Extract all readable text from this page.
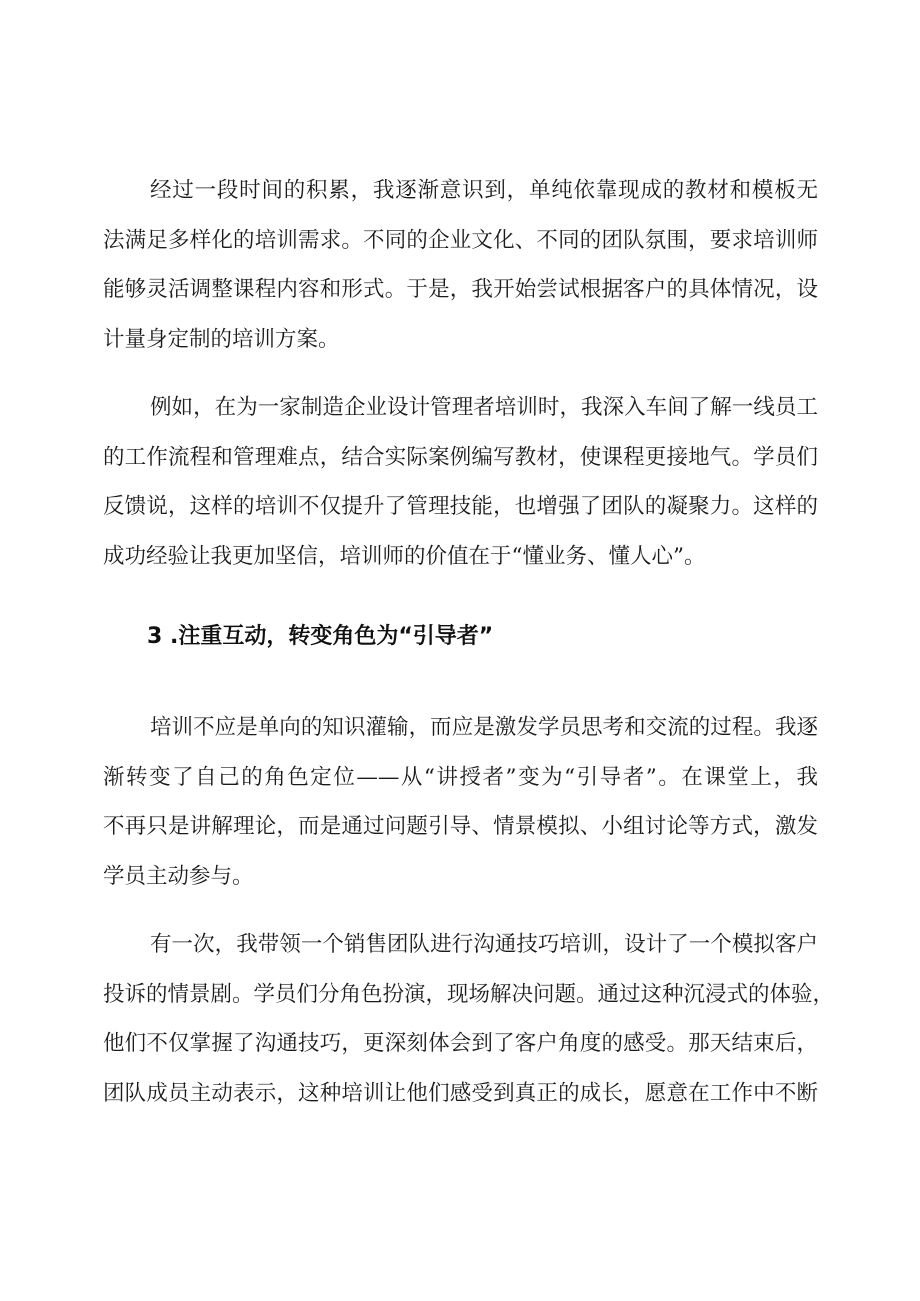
经过一段时间的积累，我逐渐意识到，单纯依靠现成的教材和模板无

法满足多样化的培训需求。不同的企业文化、不同的团队氛围，要求培训师

能够灵活调整课程内容和形式。于是，我开始尝试根据客户的具体情况，设

计量身定制的培训方案。

例如，在为一家制造企业设计管理者培训时，我深入车间了解一线员工

的工作流程和管理难点，结合实际案例编写教材，使课程更接地气。学员们

反馈说，这样的培训不仅提升了管理技能，也增强了团队的凝聚力。这样的

成功经验让我更加坚信，培训师的价值在于“懂业务、懂人心”。

3 .注重互动，转变角色为“引导者”

培训不应是单向的知识灌输，而应是激发学员思考和交流的过程。我逐

渐转变了自己的角色定位——从“讲授者”变为“引导者”。在课堂上，我

不再只是讲解理论，而是通过问题引导、情景模拟、小组讨论等方式，激发

学员主动参与。

有一次，我带领一个销售团队进行沟通技巧培训，设计了一个模拟客户

投诉的情景剧。学员们分角色扮演，现场解决问题。通过这种沉浸式的体验，

他们不仅掌握了沟通技巧，更深刻体会到了客户角度的感受。那天结束后，

团队成员主动表示，这种培训让他们感受到真正的成长，愿意在工作中不断
